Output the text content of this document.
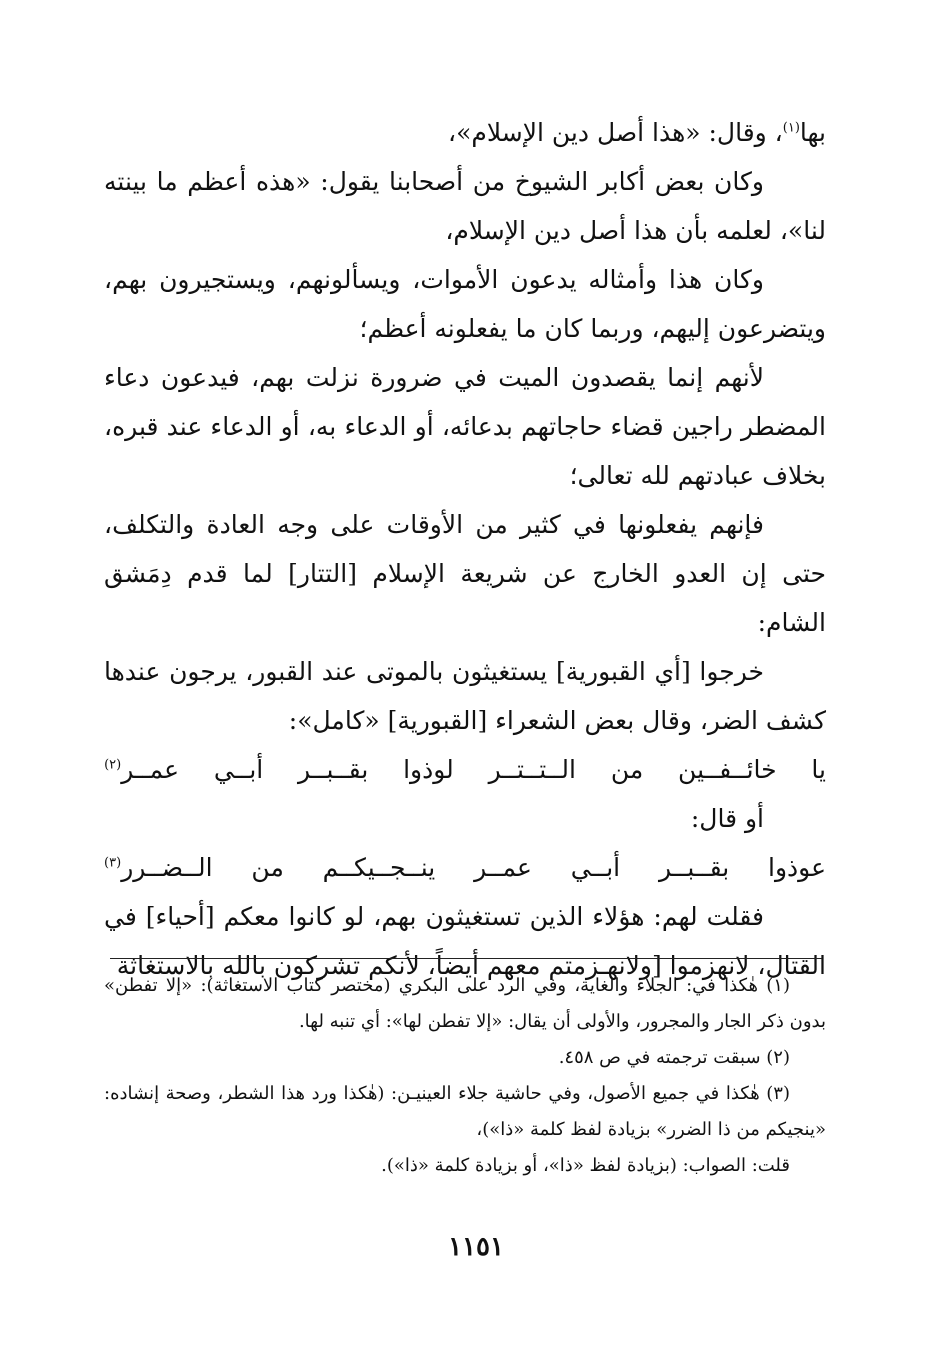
بها$^{(١)}$، وقال: «هذا أصل دين الإسلام»،

وكان بعض أكابر الشيوخ من أصحابنا يقول: «هذه أعظم ما بينته لنا»، لعلمه بأن هذا أصل دين الإسلام،

وكان هذا وأمثاله يدعون الأموات، ويسألونهم، ويستجيرون بهم، ويتضرعون إليهم، وربما كان ما يفعلونه أعظم؛

لأنهم إنما يقصدون الميت في ضرورة نزلت بهم، فيدعون دعاء المضطر راجين قضاء حاجاتهم بدعائه، أو الدعاء به، أو الدعاء عند قبره، بخلاف عبادتهم لله تعالى؛

فإنهم يفعلونها في كثير من الأوقات على وجه العادة والتكلف، حتى إن العدو الخارج عن شريعة الإسلام [التتار] لما قدم دِمَشق الشام:

خرجوا [أي القبورية] يستغيثون بالموتى عند القبور، يرجون عندها كشف الضر، وقال بعض الشعراء [القبورية] «كامل»:

يا
خائــفــين
من
الــتــتــر
لوذوا
بقــبــر
أبــي
عمــر$^{(٢)}$

أو قال:

عوذوا
بقــبــر
أبــي
عمــر
ينــجــيكــم
من
الــضــرر$^{(٣)}$

فقلت لهم: هؤلاء الذين تستغيثون بهم، لو كانوا معكم [أحياء] في القتال، لانهزموا [ولانهـزمتم معهم أيضاً، لأنكم تشركون بالله بالاستغاثة

(١) هٰكذا في: الجلاء والغاية، وفي الرد على البكري (مختصر كتاب الاستغاثة): «إلا تفطن» بدون ذكر الجار والمجرور، والأولى أن يقال: «إلا تفطن لها»: أي تنبه لها.

(٢) سبقت ترجمته في ص ٤٥٨.

(٣) هٰكذا في جميع الأصول، وفي حاشية جلاء العينيـن: (هٰكذا ورد هذا الشطر، وصحة إنشاده: «ينجيكم من ذا الضرر» بزيادة لفظ كلمة «ذا»)،

قلت: الصواب: (بزيادة لفظ «ذا»، أو بزيادة كلمة «ذا»).

١١٥١
